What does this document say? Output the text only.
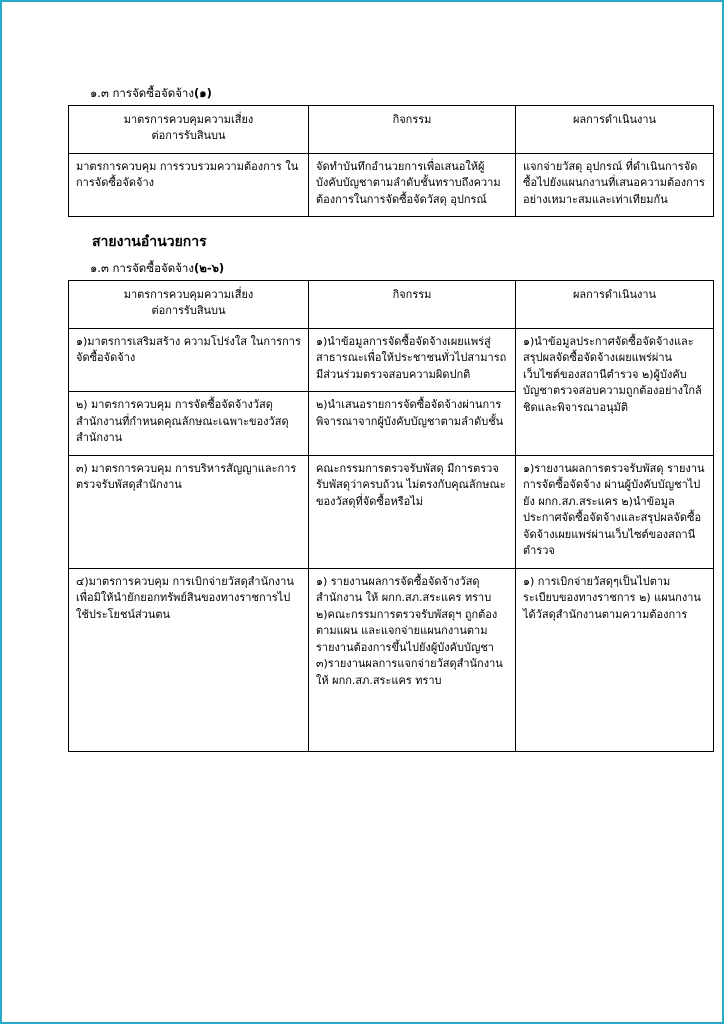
๑.๓ การจัดซื้อจัดจ้าง(๑)
มาตรการควบคุมความเสี่ยง
ต่อการรับสินบน	กิจกรรม	ผลการดำเนินงาน
มาตรการควบคุม การรวบรวมความต้องการ ในการจัดซื้อจัดจ้าง	จัดทำบันทึกอำนวยการเพื่อเสนอให้ผู้บังคับบัญชาตามลำดับชั้นทราบถึงความต้องการในการจัดซื้อจัดวัสดุ อุปกรณ์	แจกจ่ายวัสดุ อุปกรณ์ ที่ดำเนินการจัดซื้อไปยังแผนกงานที่เสนอความต้องการอย่างเหมาะสมและเท่าเทียมกัน
สายงานอำนวยการ
๑.๓ การจัดซื้อจัดจ้าง(๒-๖)
มาตรการควบคุมความเสี่ยง
ต่อการรับสินบน	กิจกรรม	ผลการดำเนินงาน
๑)มาตรการเสริมสร้าง ความโปร่งใส ในการการจัดซื้อจัดจ้าง	๑)นำข้อมูลการจัดซื้อจัดจ้างเผยแพร่สู่สาธารณะเพื่อให้ประชาชนทั่วไปสามารถมีส่วนร่วมตรวจสอบความผิดปกติ	๑)นำข้อมูลประกาศจัดซื้อจัดจ้างและสรุปผลจัดซื้อจัดจ้างเผยแพร่ผ่านเว็บไซต์ของสถานีตำรวจ ๒)ผู้บังคับบัญชาตรวจสอบความถูกต้องอย่างใกล้ชิดและพิจารณาอนุมัติ
๒) มาตรการควบคุม การจัดซื้อจัดจ้างวัสดุสำนักงานที่กำหนดคุณลักษณะเฉพาะของวัสดุสำนักงาน	๒)นำเสนอรายการจัดซื้อจัดจ้างผ่านการพิจารณาจากผู้บังคับบัญชาตามลำดับชั้น	
๓) มาตรการควบคุม การบริหารสัญญาและการตรวจรับพัสดุสำนักงาน	คณะกรรมการตรวจรับพัสดุ มีการตรวจรับพัสดุว่าครบถ้วน ไม่ตรงกับคุณลักษณะของวัสดุที่จัดซื้อหรือไม่	๑)รายงานผลการตรวจรับพัสดุ รายงานการจัดซื้อจัดจ้าง ผ่านผู้บังคับบัญชาไปยัง ผกก.สภ.สระแคร ๒)นำข้อมูลประกาศจัดซื้อจัดจ้างและสรุปผลจัดซื้อจัดจ้างเผยแพร่ผ่านเว็บไซต์ของสถานีตำรวจ
๔)มาตรการควบคุม การเบิกจ่ายวัสดุสำนักงานเพื่อมิให้นำยักยอกทรัพย์สินของทางราชการไปใช้ประโยชน์ส่วนตน	๑) รายงานผลการจัดซื้อจัดจ้างวัสดุสำนักงาน ให้ ผกก.สภ.สระแคร ทราบ ๒)คณะกรรมการตรวจรับพัสดุฯ ถูกต้องตามแผน และแจกจ่ายแผนกงานตามรายงานต้องการขึ้นไปยังผู้บังคับบัญชา ๓)รายงานผลการแจกจ่ายวัสดุสำนักงานให้ ผกก.สภ.สระแคร ทราบ	๑) การเบิกจ่ายวัสดุๆเป็นไปตามระเบียบของทางราชการ ๒) แผนกงานได้วัสดุสำนักงานตามความต้องการ
